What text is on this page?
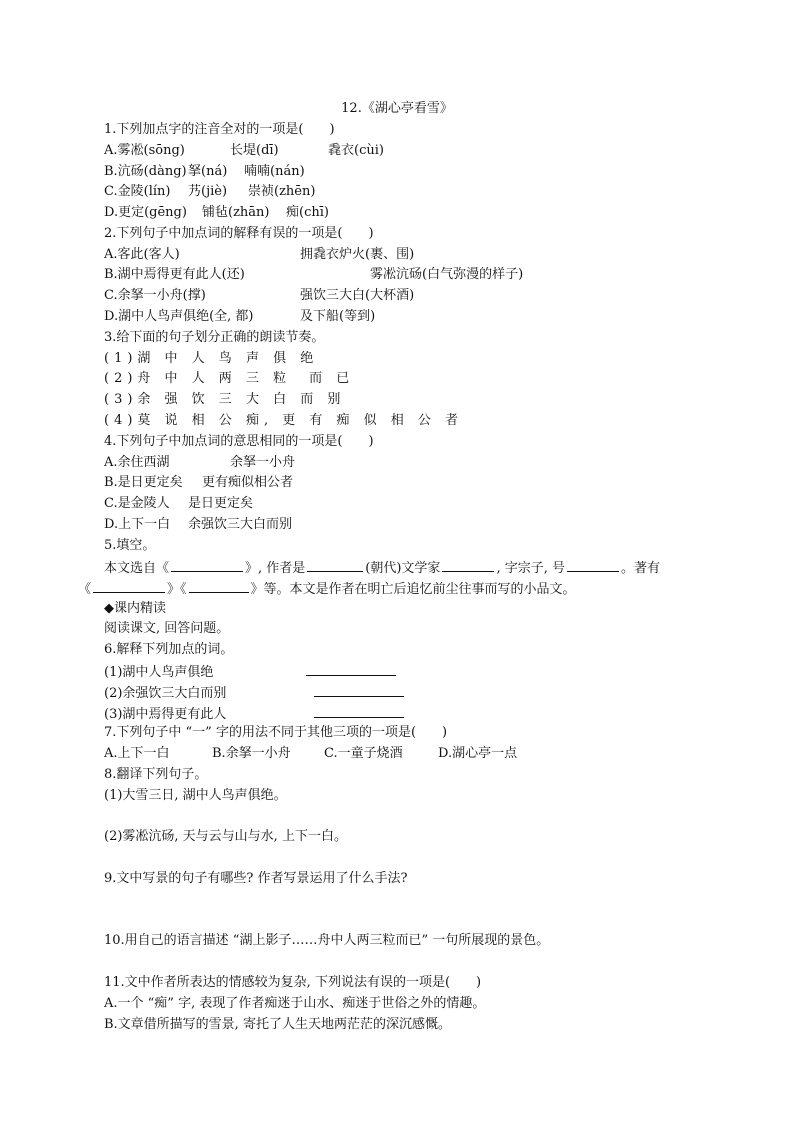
12.《湖心亭看雪》
1.下列加点字的注音全对的一项是(　　)
A.雾凇(sōng)	长堤(dī)	毳衣(cùi)
B.沆砀(dàng)拏(ná) 喃喃(nán)
C.金陵(lín) 艿(jiè) 崇祯(zhēn)
D.更定(gēng) 铺毡(zhān) 痴(chī)
2.下列句子中加点词的解释有误的一项是(　　)
A.客此(客人)	拥毳衣炉火(裹、围)
B.湖中焉得更有此人(还)	雾凇沆砀(白气弥漫的样子)
C.余拏一小舟(撑)	强饮三大白(大杯酒)
D.湖中人鸟声俱绝(全, 都)	及下船(等到)
3.给下面的句子划分正确的朗读节奏。
(1)湖 中 人 鸟 声 俱 绝
(2)舟 中 人 两 三 粒　而 已
(3)余 强 饮 三 大 白 而 别
(4)莫 说 相 公 痴, 更 有 痴 似 相 公 者
4.下列句子中加点词的意思相同的一项是(　　)
A.余住西湖	余拏一小舟
B.是日更定矣 更有痴似相公者
C.是金陵人 是日更定矣
D.上下一白 余强饮三大白而别
5.填空。
本文选自《	》, 作者是	(朝代)文学家	, 字宗子, 号	。著有
《	》《	》等。本文是作者在明亡后追忆前尘往事而写的小品文。
◆课内精读
阅读课文, 回答问题。
6.解释下列加点的词。
(1)湖中人鸟声俱绝
(2)余强饮三大白而别
(3)湖中焉得更有此人
7.下列句子中 “一” 字的用法不同于其他三项的一项是(　　)
A.上下一白	B.余拏一小舟	C.一童子烧酒	D.湖心亭一点
8.翻译下列句子。
(1)大雪三日, 湖中人鸟声俱绝。
(2)雾凇沆砀, 天与云与山与水, 上下一白。
9.文中写景的句子有哪些? 作者写景运用了什么手法?
10.用自己的语言描述 “湖上影子……舟中人两三粒而已” 一句所展现的景色。
11.文中作者所表达的情感较为复杂, 下列说法有误的一项是(　　)
A.一个 “痴” 字, 表现了作者痴迷于山水、痴迷于世俗之外的情趣。
B.文章借所描写的雪景, 寄托了人生天地两茫茫的深沉感慨。
